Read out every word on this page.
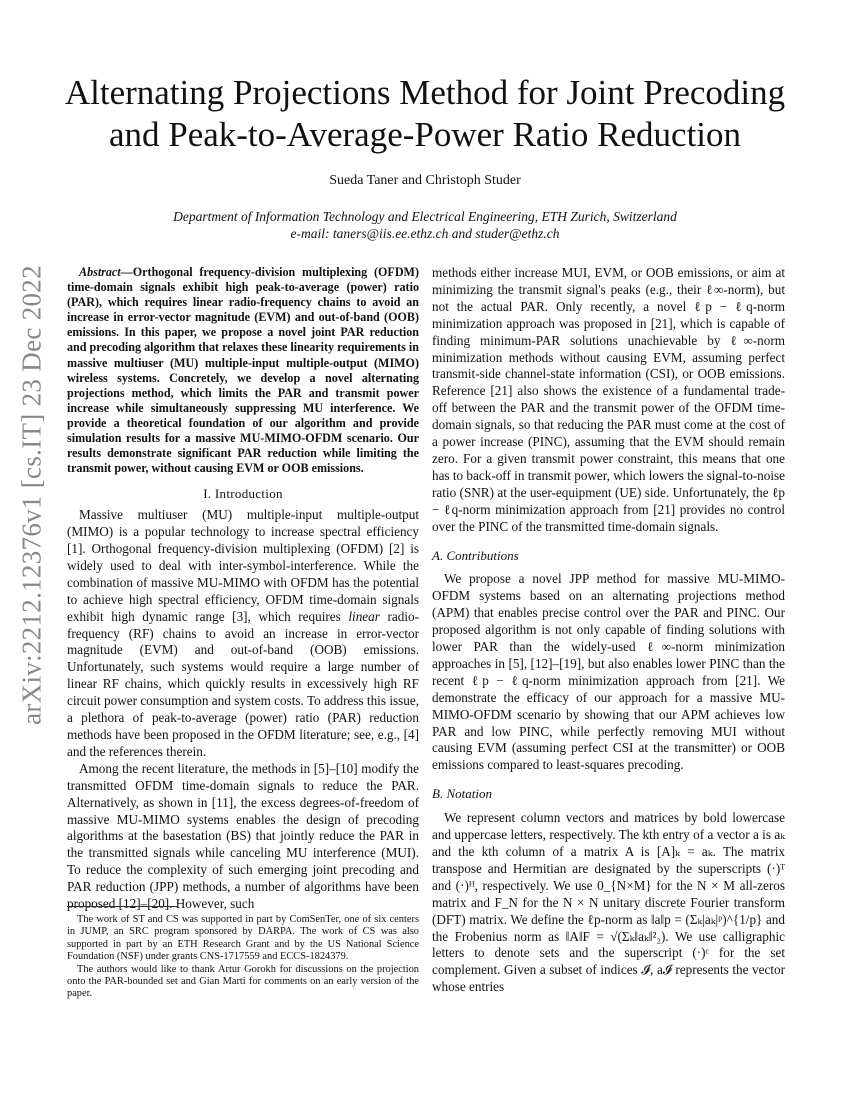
arXiv:2212.12376v1 [cs.IT] 23 Dec 2022
Alternating Projections Method for Joint Precoding and Peak-to-Average-Power Ratio Reduction
Sueda Taner and Christoph Studer
Department of Information Technology and Electrical Engineering, ETH Zurich, Switzerland
e-mail: taners@iis.ee.ethz.ch and studer@ethz.ch

Abstract—Orthogonal frequency-division multiplexing (OFDM) time-domain signals exhibit high peak-to-average (power) ratio (PAR), which requires linear radio-frequency chains to avoid an increase in error-vector magnitude (EVM) and out-of-band (OOB) emissions. In this paper, we propose a novel joint PAR reduction and precoding algorithm that relaxes these linearity requirements in massive multiuser (MU) multiple-input multiple-output (MIMO) wireless systems. Concretely, we develop a novel alternating projections method, which limits the PAR and transmit power increase while simultaneously suppressing MU interference. We provide a theoretical foundation of our algorithm and provide simulation results for a massive MU-MIMO-OFDM scenario. Our results demonstrate significant PAR reduction while limiting the transmit power, without causing EVM or OOB emissions.

I. Introduction

Massive multiuser (MU) multiple-input multiple-output (MIMO) is a popular technology to increase spectral efficiency [1]. Orthogonal frequency-division multiplexing (OFDM) [2] is widely used to deal with inter-symbol-interference. While the combination of massive MU-MIMO with OFDM has the potential to achieve high spectral efficiency, OFDM time-domain signals exhibit high dynamic range [3], which requires linear radio-frequency (RF) chains to avoid an increase in error-vector magnitude (EVM) and out-of-band (OOB) emissions. Unfortunately, such systems would require a large number of linear RF chains, which quickly results in excessively high RF circuit power consumption and system costs. To address this issue, a plethora of peak-to-average (power) ratio (PAR) reduction methods have been proposed in the OFDM literature; see, e.g., [4] and the references therein.

Among the recent literature, the methods in [5]–[10] modify the transmitted OFDM time-domain signals to reduce the PAR. Alternatively, as shown in [11], the excess degrees-of-freedom of massive MU-MIMO systems enables the design of precoding algorithms at the basestation (BS) that jointly reduce the PAR in the transmitted signals while canceling MU interference (MUI). To reduce the complexity of such emerging joint precoding and PAR reduction (JPP) methods, a number of algorithms have been proposed [12]–[20]. However, such

The work of ST and CS was supported in part by ComSenTer, one of six centers in JUMP, an SRC program sponsored by DARPA. The work of CS was also supported in part by an ETH Research Grant and by the US National Science Foundation (NSF) under grants CNS-1717559 and ECCS-1824379.

The authors would like to thank Artur Gorokh for discussions on the projection onto the PAR-bounded set and Gian Marti for comments on an early version of the paper.

methods either increase MUI, EVM, or OOB emissions, or aim at minimizing the transmit signal's peaks (e.g., their ℓ∞-norm), but not the actual PAR. Only recently, a novel ℓp − ℓq-norm minimization approach was proposed in [21], which is capable of finding minimum-PAR solutions unachievable by ℓ∞-norm minimization methods without causing EVM, assuming perfect transmit-side channel-state information (CSI), or OOB emissions. Reference [21] also shows the existence of a fundamental trade-off between the PAR and the transmit power of the OFDM time-domain signals, so that reducing the PAR must come at the cost of a power increase (PINC), assuming that the EVM should remain zero. For a given transmit power constraint, this means that one has to back-off in transmit power, which lowers the signal-to-noise ratio (SNR) at the user-equipment (UE) side. Unfortunately, the ℓp − ℓq-norm minimization approach from [21] provides no control over the PINC of the transmitted time-domain signals.

A. Contributions

We propose a novel JPP method for massive MU-MIMO-OFDM systems based on an alternating projections method (APM) that enables precise control over the PAR and PINC. Our proposed algorithm is not only capable of finding solutions with lower PAR than the widely-used ℓ∞-norm minimization approaches in [5], [12]–[19], but also enables lower PINC than the recent ℓp − ℓq-norm minimization approach from [21]. We demonstrate the efficacy of our approach for a massive MU-MIMO-OFDM scenario by showing that our APM achieves low PAR and low PINC, while perfectly removing MUI without causing EVM (assuming perfect CSI at the transmitter) or OOB emissions compared to least-squares precoding.

B. Notation

We represent column vectors and matrices by bold lowercase and uppercase letters, respectively. The kth entry of a vector a is aₖ and the kth column of a matrix A is [A]ₖ = aₖ. The matrix transpose and Hermitian are designated by the superscripts (·)ᵀ and (·)ᴴ, respectively. We use 0_{N×M} for the N × M all-zeros matrix and F_N for the N × N unitary discrete Fourier transform (DFT) matrix. We define the ℓp-norm as ‖a‖p = (Σₖ|aₖ|ᵖ)^{1/p} and the Frobenius norm as ‖A‖F = √(Σₖ‖aₖ‖²₂). We use calligraphic letters to denote sets and the superscript (·)ᶜ for the set complement. Given a subset of indices 𝓘, a𝓘 represents the vector whose entries
